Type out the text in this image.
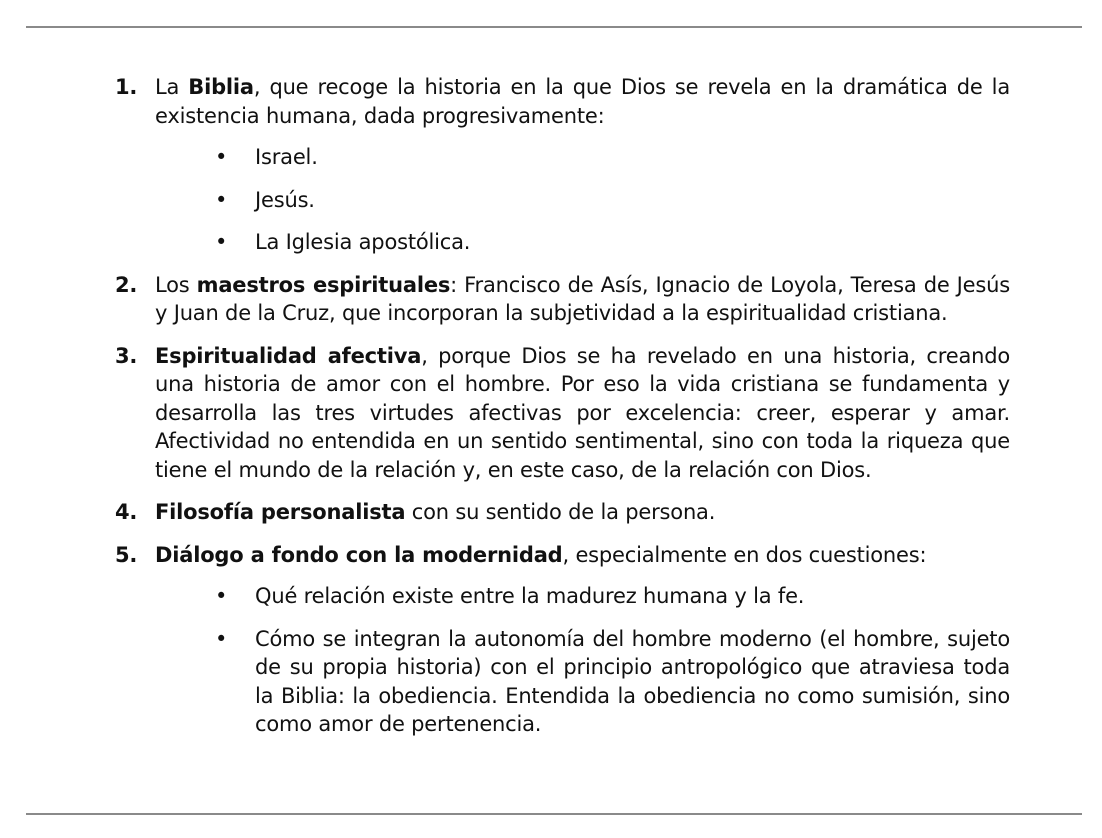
1. La Biblia, que recoge la historia en la que Dios se revela en la dramática de la existencia humana, dada progresivamente:
•	Israel.
•	Jesús.
•	La Iglesia apostólica.
2. Los maestros espirituales: Francisco de Asís, Ignacio de Loyola, Teresa de Jesús y Juan de la Cruz, que incorporan la subjetividad a la espiritualidad cristiana.
3. Espiritualidad afectiva, porque Dios se ha revelado en una historia, creando una historia de amor con el hombre. Por eso la vida cristiana se fundamenta y desarrolla las tres virtudes afectivas por excelencia: creer, esperar y amar. Afectividad no entendida en un sentido sentimental, sino con toda la riqueza que tiene el mundo de la relación y, en este caso, de la relación con Dios.
4. Filosofía personalista con su sentido de la persona.
5. Diálogo a fondo con la modernidad, especialmente en dos cuestiones:
•	Qué relación existe entre la madurez humana y la fe.
•	Cómo se integran la autonomía del hombre moderno (el hombre, sujeto de su propia historia) con el principio antropológico que atraviesa toda la Biblia: la obediencia. Entendida la obediencia no como sumisión, sino como amor de pertenencia.
